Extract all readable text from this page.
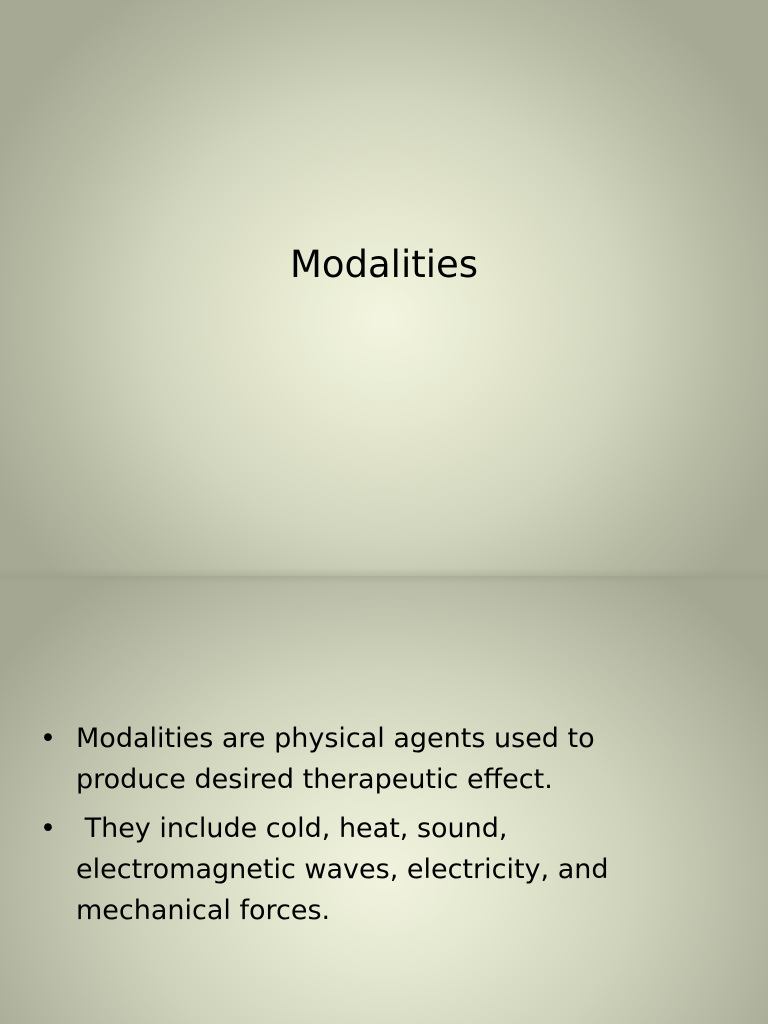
Modalities
• Modalities are physical agents used to produce desired therapeutic effect.
• They include cold, heat, sound, electromagnetic waves, electricity, and mechanical forces.
